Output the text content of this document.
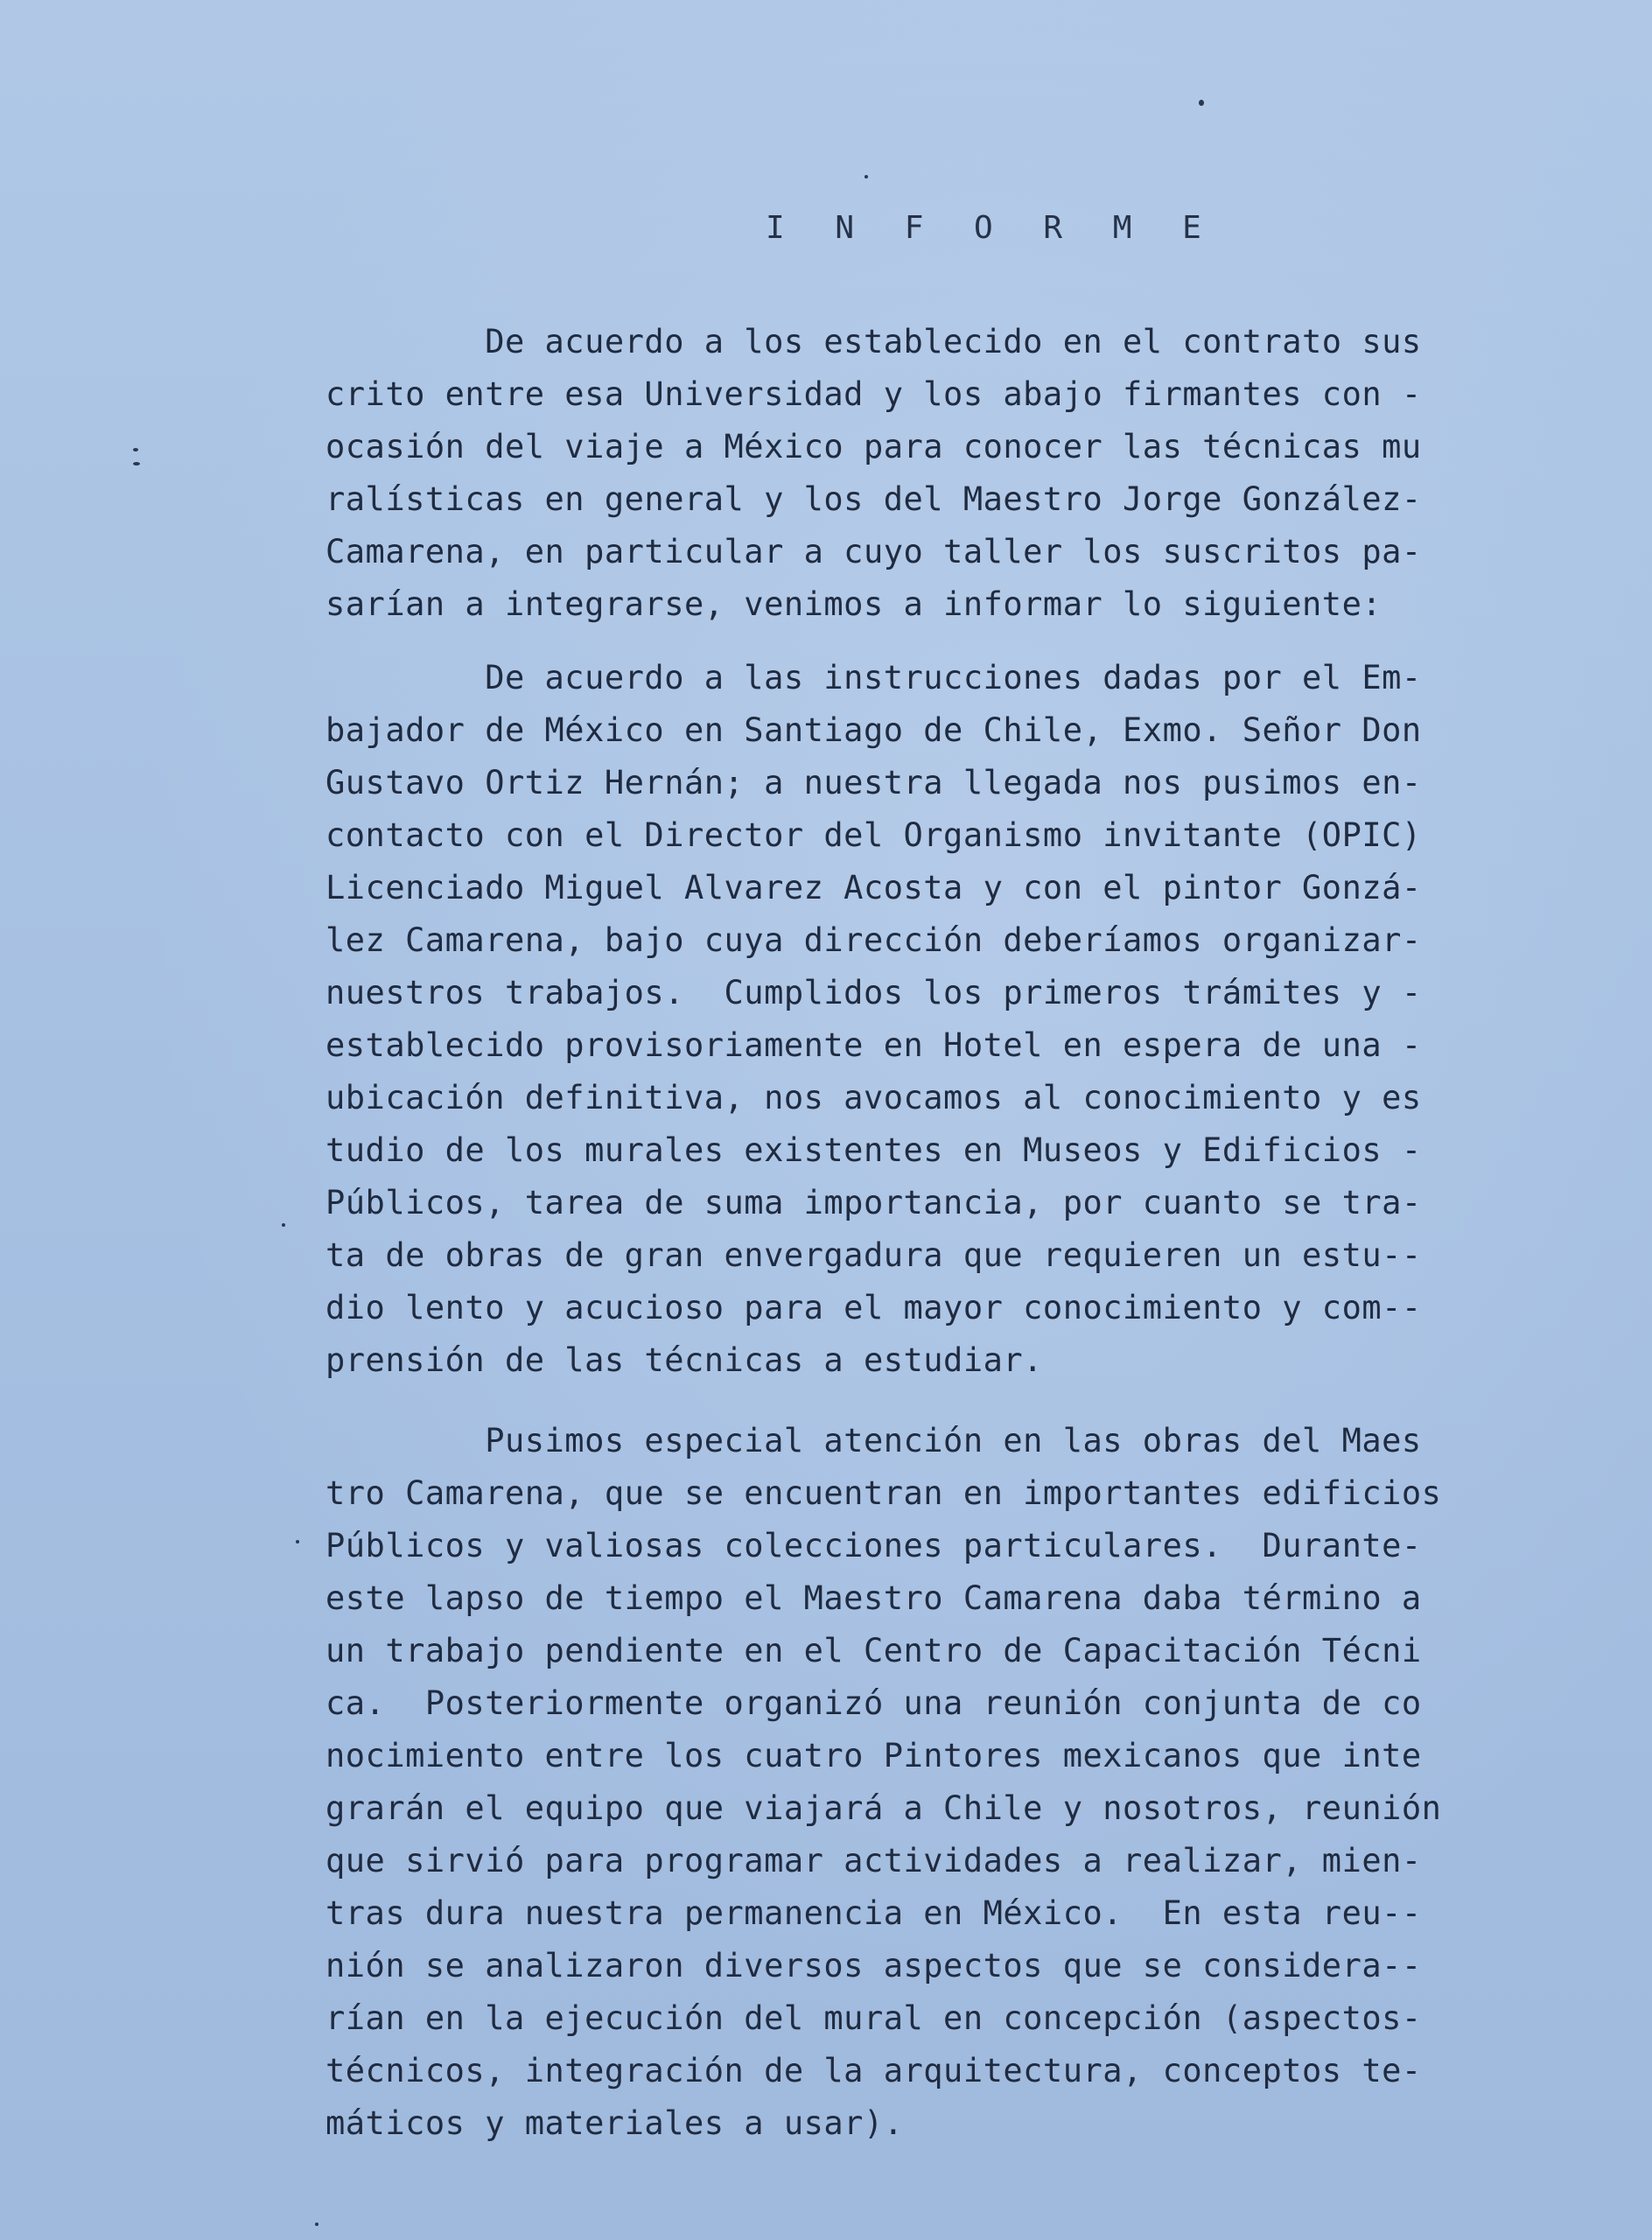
I N F O R M E
De acuerdo a los establecido en el contrato sus
crito entre esa Universidad y los abajo firmantes con -
ocasión del viaje a México para conocer las técnicas mu
ralísticas en general y los del Maestro Jorge González-
Camarena, en particular a cuyo taller los suscritos pa-
sarían a integrarse, venimos a informar lo siguiente:
De acuerdo a las instrucciones dadas por el Em-
bajador de México en Santiago de Chile, Exmo. Señor Don
Gustavo Ortiz Hernán; a nuestra llegada nos pusimos en-
contacto con el Director del Organismo invitante (OPIC)
Licenciado Miguel Alvarez Acosta y con el pintor Gonzá-
lez Camarena, bajo cuya dirección deberíamos organizar-
nuestros trabajos.  Cumplidos los primeros trámites y -
establecido provisoriamente en Hotel en espera de una -
ubicación definitiva, nos avocamos al conocimiento y es
tudio de los murales existentes en Museos y Edificios -
Públicos, tarea de suma importancia, por cuanto se tra-
ta de obras de gran envergadura que requieren un estu--
dio lento y acucioso para el mayor conocimiento y com--
prensión de las técnicas a estudiar.
Pusimos especial atención en las obras del Maes
tro Camarena, que se encuentran en importantes edificios
Públicos y valiosas colecciones particulares.  Durante-
este lapso de tiempo el Maestro Camarena daba término a
un trabajo pendiente en el Centro de Capacitación Técni
ca.  Posteriormente organizó una reunión conjunta de co
nocimiento entre los cuatro Pintores mexicanos que inte
grarán el equipo que viajará a Chile y nosotros, reunión
que sirvió para programar actividades a realizar, mien-
tras dura nuestra permanencia en México.  En esta reu--
nión se analizaron diversos aspectos que se considera--
rían en la ejecución del mural en concepción (aspectos-
técnicos, integración de la arquitectura, conceptos te-
máticos y materiales a usar).
